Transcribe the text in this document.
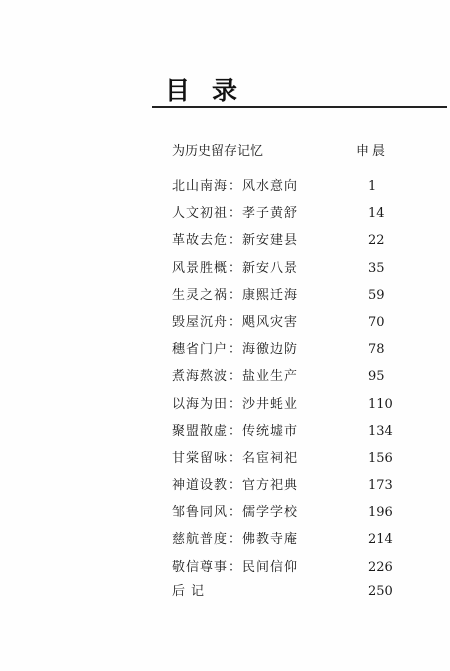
目录
为历史留存记忆	申晨
北山南海：风水意向	1
人文初祖：孝子黄舒	14
革故去危：新安建县	22
风景胜概：新安八景	35
生灵之祸：康熙迁海	59
毁屋沉舟：飓风灾害	70
穗省门户：海徼边防	78
煮海熬波：盐业生产	95
以海为田：沙井蚝业	110
聚盟散虚：传统墟市	134
甘棠留咏：名宦祠祀	156
神道设教：官方祀典	173
邹鲁同风：儒学学校	196
慈航普度：佛教寺庵	214
敬信尊事：民间信仰	226
后记	250
